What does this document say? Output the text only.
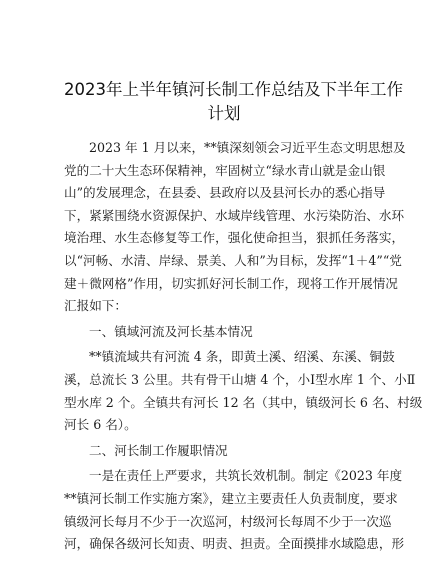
2023年上半年镇河长制工作总结及下半年工作
计划

2023 年 1 月以来，**镇深刻领会习近平生态文明思想及
党的二十大生态环保精神，牢固树立“绿水青山就是金山银
山”的发展理念，在县委、县政府以及县河长办的悉心指导
下，紧紧围绕水资源保护、水域岸线管理、水污染防治、水环
境治理、水生态修复等工作，强化使命担当，狠抓任务落实，
以“河畅、水清、岸绿、景美、人和”为目标，发挥“1＋4”“党
建＋微网格”作用，切实抓好河长制工作，现将工作开展情况
汇报如下：

一、镇域河流及河长基本情况

**镇流域共有河流 4 条，即黄土溪、绍溪、东溪、铜鼓
溪，总流长 3 公里。共有骨干山塘 4 个，小Ⅰ型水库 1 个、小Ⅱ
型水库 2 个。全镇共有河长 12 名（其中，镇级河长 6 名、村级
河长 6 名）。

二、河长制工作履职情况

一是在责任上严要求，共筑长效机制。制定《2023 年度
**镇河长制工作实施方案》，建立主要责任人负责制度，要求
镇级河长每月不少于一次巡河，村级河长每周不少于一次巡
河，确保各级河长知责、明责、担责。全面摸排水域隐患，形
